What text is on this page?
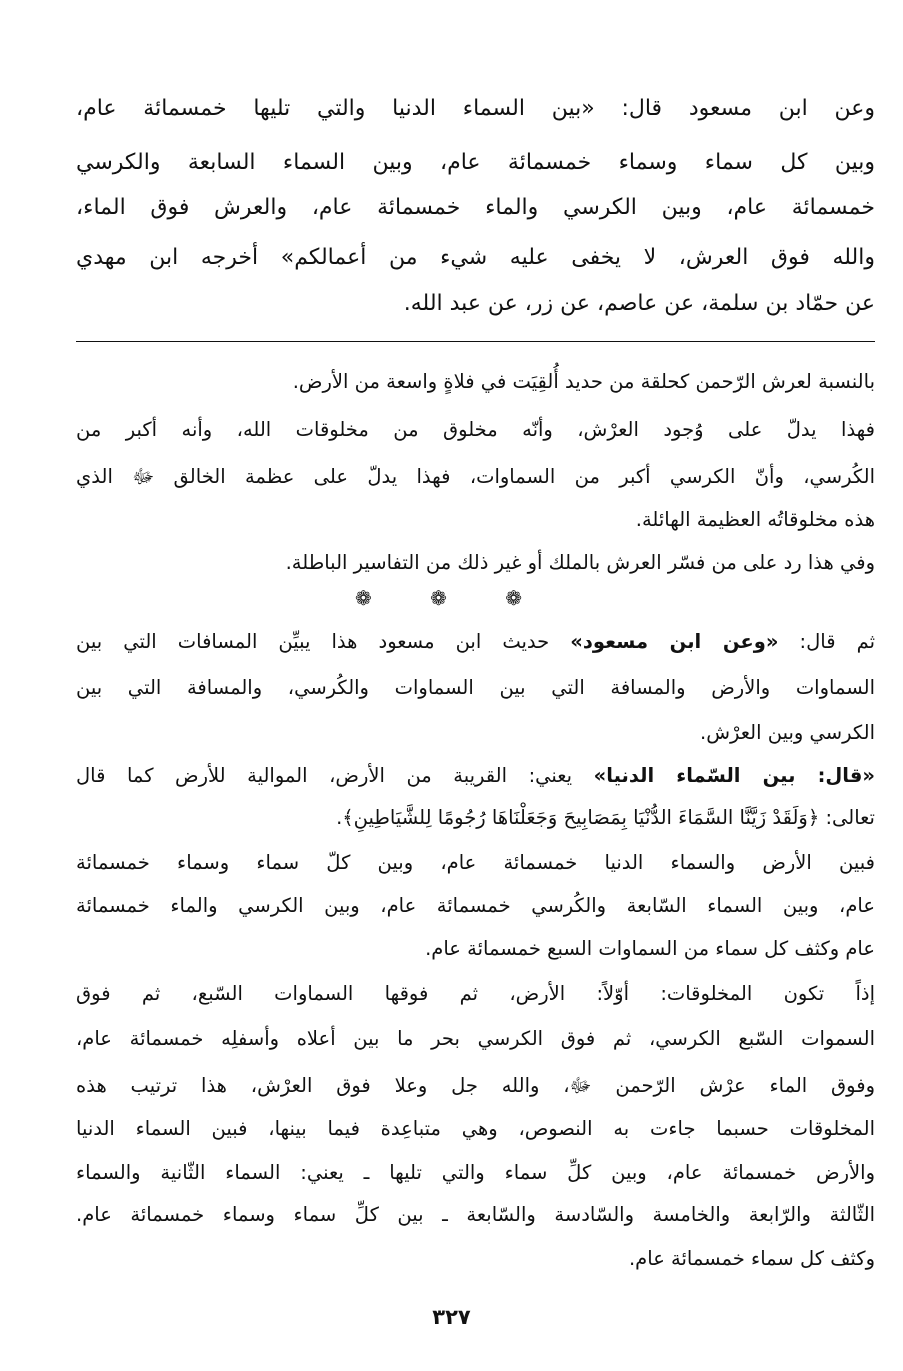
وعن ابن مسعود قال: «بين السماء الدنيا والتي تليها خمسمائة عام،
وبين كل سماء وسماء خمسمائة عام، وبين السماء السابعة والكرسي
خمسمائة عام، وبين الكرسي والماء خمسمائة عام، والعرش فوق الماء،
والله فوق العرش، لا يخفى عليه شيء من أعمالكم» أخرجه ابن مهدي
عن حمّاد بن سلمة، عن عاصم، عن زر، عن عبد الله.
بالنسبة لعرش الرّحمن كحلقة من حديد أُلقِيَت في فلاةٍ واسعة من الأرض.
فهذا يدلّ على وُجود العرْش، وأنّه مخلوق من مخلوقات الله، وأنه أكبر من
الكُرسي، وأنّ الكرسي أكبر من السماوات، فهذا يدلّ على عظمة الخالق ﷻ الذي
هذه مخلوقاتُه العظيمة الهائلة.
وفي هذا رد على من فسّر العرش بالملك أو غير ذلك من التفاسير الباطلة.
❁ ❁ ❁
ثم قال: «وعن ابن مسعود» حديث ابن مسعود هذا يبيِّن المسافات التي بين
السماوات والأرض والمسافة التي بين السماوات والكُرسي، والمسافة التي بين
الكرسي وبين العرْش.
«قال: بين السّماء الدنيا» يعني: القريبة من الأرض، الموالية للأرض كما قال
تعالى: ﴿وَلَقَدْ زَيَّنَّا السَّمَاءَ الدُّنْيَا بِمَصَابِيحَ وَجَعَلْنَاهَا رُجُومًا لِلشَّيَاطِينِ﴾.
فبين الأرض والسماء الدنيا خمسمائة عام، وبين كلّ سماء وسماء خمسمائة
عام، وبين السماء السّابعة والكُرسي خمسمائة عام، وبين الكرسي والماء خمسمائة
عام وكثف كل سماء من السماوات السبع خمسمائة عام.
إذاً تكون المخلوقات: أوّلاً: الأرض، ثم فوقها السماوات السّبع، ثم فوق
السموات السّبع الكرسي، ثم فوق الكرسي بحر ما بين أعلاه وأسفلِه خمسمائة عام،
وفوق الماء عرْش الرّحمن ﷻ، والله جل وعلا فوق العرْش، هذا ترتيب هذه
المخلوقات حسبما جاءت به النصوص، وهي متباعِدة فيما بينها، فبين السماء الدنيا
والأرض خمسمائة عام، وبين كلِّ سماء والتي تليها ـ يعني: السماء الثّانية والسماء
الثّالثة والرّابعة والخامسة والسّادسة والسّابعة ـ بين كلِّ سماء وسماء خمسمائة عام.
وكثف كل سماء خمسمائة عام.
٣٢٧
